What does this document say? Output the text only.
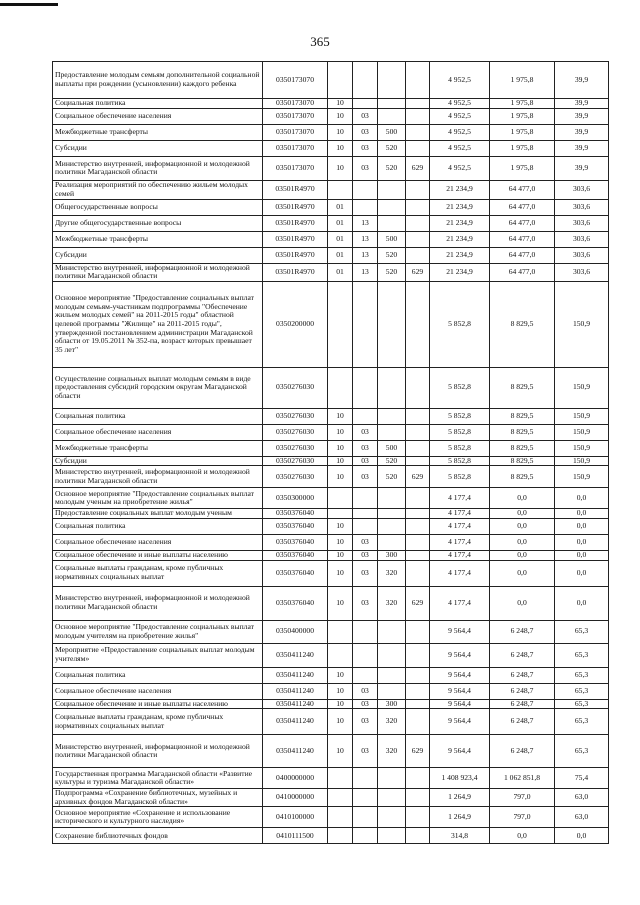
365
Предоставление молодым семьям дополнительной социальной выплаты при рождении (усыновлении) каждого ребенка	0350173070					4 952,5	1 975,8	39,9
Социальная политика	0350173070	10				4 952,5	1 975,8	39,9
Социальное обеспечение населения	0350173070	10	03			4 952,5	1 975,8	39,9
Межбюджетные трансферты	0350173070	10	03	500		4 952,5	1 975,8	39,9
Субсидии	0350173070	10	03	520		4 952,5	1 975,8	39,9
Министерство внутренней, информационной и молодежной политики Магаданской области	0350173070	10	03	520	629	4 952,5	1 975,8	39,9
Реализация мероприятий по обеспечению жильем молодых семей	03501R4970					21 234,9	64 477,0	303,6
Общегосударственные вопросы	03501R4970	01				21 234,9	64 477,0	303,6
Другие общегосударственные вопросы	03501R4970	01	13			21 234,9	64 477,0	303,6
Межбюджетные трансферты	03501R4970	01	13	500		21 234,9	64 477,0	303,6
Субсидии	03501R4970	01	13	520		21 234,9	64 477,0	303,6
Министерство внутренней, информационной и молодежной политики Магаданской области	03501R4970	01	13	520	629	21 234,9	64 477,0	303,6
Основное мероприятие "Предоставление социальных выплат молодым семьям-участникам подпрограммы "Обеспечение жильем молодых семей" на 2011-2015 годы" областной целевой программы "Жилище" на 2011-2015 годы", утвержденной постановлением администрации Магаданской области от 19.05.2011 № 352-па, возраст которых превышает 35 лет"	0350200000					5 852,8	8 829,5	150,9
Осуществление социальных выплат молодым семьям в виде предоставления субсидий городским округам Магаданской области	0350276030					5 852,8	8 829,5	150,9
Социальная политика	0350276030	10				5 852,8	8 829,5	150,9
Социальное обеспечение населения	0350276030	10	03			5 852,8	8 829,5	150,9
Межбюджетные трансферты	0350276030	10	03	500		5 852,8	8 829,5	150,9
Субсидии	0350276030	10	03	520		5 852,8	8 829,5	150,9
Министерство внутренней, информационной и молодежной политики Магаданской области	0350276030	10	03	520	629	5 852,8	8 829,5	150,9
Основное мероприятие "Предоставление социальных выплат молодым ученым на приобретение жилья"	0350300000					4 177,4	0,0	0,0
Предоставление социальных выплат молодым ученым	0350376040					4 177,4	0,0	0,0
Социальная политика	0350376040	10				4 177,4	0,0	0,0
Социальное обеспечение населения	0350376040	10	03			4 177,4	0,0	0,0
Социальное обеспечение и иные выплаты населению	0350376040	10	03	300		4 177,4	0,0	0,0
Социальные выплаты гражданам, кроме публичных нормативных социальных выплат	0350376040	10	03	320		4 177,4	0,0	0,0
Министерство внутренней, информационной и молодежной политики Магаданской области	0350376040	10	03	320	629	4 177,4	0,0	0,0
Основное мероприятие "Предоставление социальных выплат молодым учителям на приобретение жилья"	0350400000					9 564,4	6 248,7	65,3
Мероприятие «Предоставление социальных выплат молодым учителям»	0350411240					9 564,4	6 248,7	65,3
Социальная политика	0350411240	10				9 564,4	6 248,7	65,3
Социальное обеспечение населения	0350411240	10	03			9 564,4	6 248,7	65,3
Социальное обеспечение и иные выплаты населению	0350411240	10	03	300		9 564,4	6 248,7	65,3
Социальные выплаты гражданам, кроме публичных нормативных социальных выплат	0350411240	10	03	320		9 564,4	6 248,7	65,3
Министерство внутренней, информационной и молодежной политики Магаданской области	0350411240	10	03	320	629	9 564,4	6 248,7	65,3
Государственная программа Магаданской области «Развитие культуры и туризма Магаданской области»	0400000000					1 408 923,4	1 062 851,8	75,4
Подпрограмма «Сохранение библиотечных, музейных и архивных фондов Магаданской области»	0410000000					1 264,9	797,0	63,0
Основное мероприятие «Сохранение и использование исторического и культурного наследия»	0410100000					1 264,9	797,0	63,0
Сохранение библиотечных фондов	0410111500					314,8	0,0	0,0
